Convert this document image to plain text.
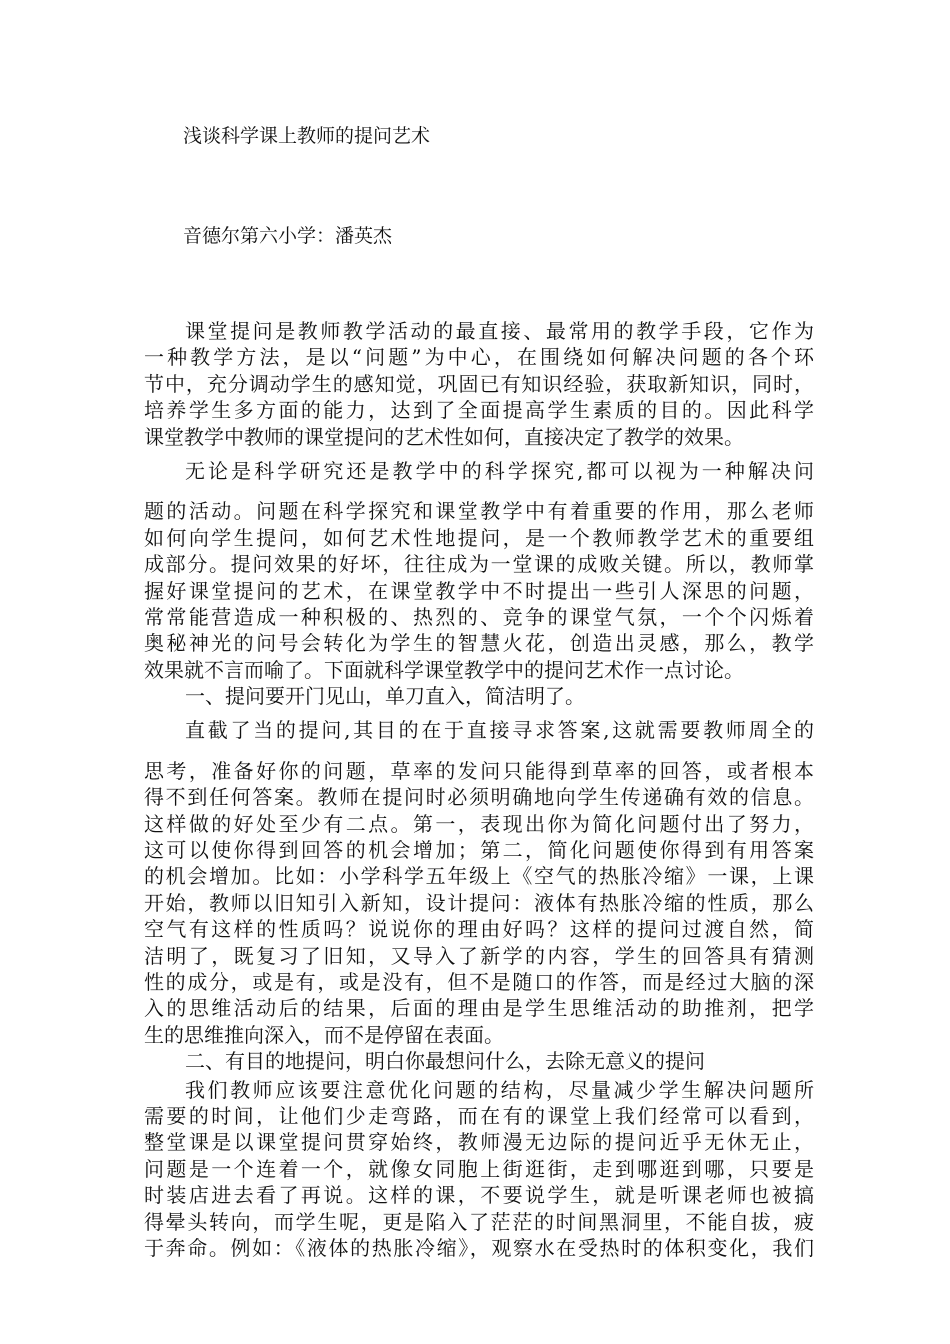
浅谈科学课上教师的提问艺术
音德尔第六小学：潘英杰
课堂提问是教师教学活动的最直接、最常用的教学手段，它作为
一种教学方法，是以“问题”为中心，在围绕如何解决问题的各个环
节中，充分调动学生的感知觉，巩固已有知识经验，获取新知识，同时，
培养学生多方面的能力，达到了全面提高学生素质的目的。因此科学
课堂教学中教师的课堂提问的艺术性如何，直接决定了教学的效果。
无论是科学研究还是教学中的科学探究,都可以视为一种解决问
题的活动。问题在科学探究和课堂教学中有着重要的作用，那么老师
如何向学生提问，如何艺术性地提问，是一个教师教学艺术的重要组
成部分。提问效果的好坏，往往成为一堂课的成败关键。所以，教师掌
握好课堂提问的艺术，在课堂教学中不时提出一些引人深思的问题，
常常能营造成一种积极的、热烈的、竞争的课堂气氛，一个个闪烁着
奥秘神光的问号会转化为学生的智慧火花，创造出灵感，那么，教学
效果就不言而喻了。下面就科学课堂教学中的提问艺术作一点讨论。
一、提问要开门见山，单刀直入，简洁明了。
直截了当的提问,其目的在于直接寻求答案,这就需要教师周全的
思考，准备好你的问题，草率的发问只能得到草率的回答，或者根本
得不到任何答案。教师在提问时必须明确地向学生传递确有效的信息。
这样做的好处至少有二点。第一，表现出你为简化问题付出了努力，
这可以使你得到回答的机会增加；第二，简化问题使你得到有用答案
的机会增加。比如：小学科学五年级上《空气的热胀冷缩》一课，上课
开始，教师以旧知引入新知，设计提问：液体有热胀冷缩的性质，那么
空气有这样的性质吗？说说你的理由好吗？这样的提问过渡自然，简
洁明了，既复习了旧知，又导入了新学的内容，学生的回答具有猜测
性的成分，或是有，或是没有，但不是随口的作答，而是经过大脑的深
入的思维活动后的结果，后面的理由是学生思维活动的助推剂，把学
生的思维推向深入，而不是停留在表面。
二、有目的地提问，明白你最想问什么，去除无意义的提问
我们教师应该要注意优化问题的结构，尽量减少学生解决问题所
需要的时间，让他们少走弯路，而在有的课堂上我们经常可以看到，
整堂课是以课堂提问贯穿始终，教师漫无边际的提问近乎无休无止，
问题是一个连着一个，就像女同胞上街逛街，走到哪逛到哪，只要是
时装店进去看了再说。这样的课，不要说学生，就是听课老师也被搞
得晕头转向，而学生呢，更是陷入了茫茫的时间黑洞里，不能自拔，疲
于奔命。例如：《液体的热胀冷缩》，观察水在受热时的体积变化，我们
